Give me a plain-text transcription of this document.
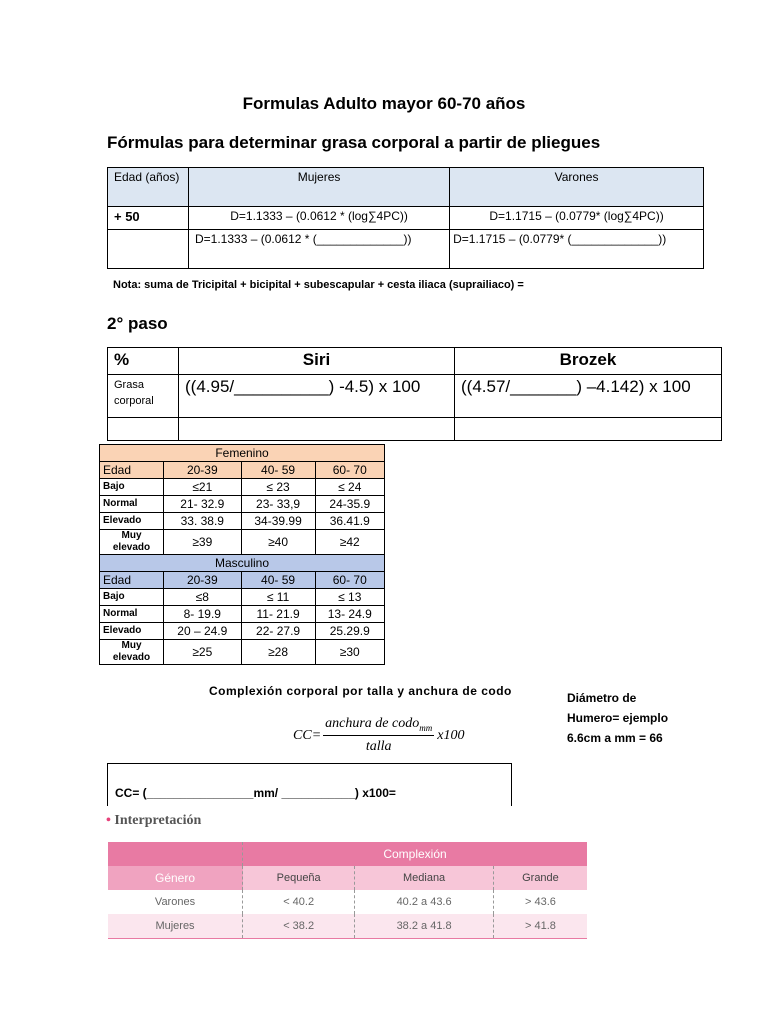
Formulas Adulto mayor 60-70 años
Fórmulas para determinar grasa corporal a partir de pliegues
Edad (años)	Mujeres	Varones
+ 50	D=1.1333 – (0.0612 * (log∑4PC))	D=1.1715 – (0.0779* (log∑4PC))
	D=1.1333 – (0.0612 * (_____________))	D=1.1715 – (0.0779* (_____________))
Nota: suma de Tricipital + bicipital + subescapular + cesta iliaca (suprailiaco) =
2° paso
%	Siri	Brozek
Grasa corporal	((4.95/__________) -4.5) x 100	((4.57/_______) –4.142) x 100

Femenino			
Edad	20-39	40- 59	60- 70
Bajo	≤21	≤ 23	≤ 24
Normal	21- 32.9	23- 33,9	24-35.9
Elevado	33. 38.9	34-39.99	36.41.9
Muy elevado	≥39	≥40	≥42
Masculino			
Edad	20-39	40- 59	60- 70
Bajo	≤8	≤ 11	≤ 13
Normal	8- 19.9	11- 21.9	13- 24.9
Elevado	20 – 24.9	22- 27.9	25.29.9
Muy elevado	≥25	≥28	≥30
Complexión corporal por talla y anchura de codo	Diámetro de
Humero= ejemplo
6.6cm a mm = 66
CC=	anchura de codo$_{mm}$	x100
talla
CC= (________________mm/ ___________) x100=
• Interpretación
	Complexión		
Género	Pequeña	Mediana	Grande
Varones	< 40.2	40.2 a 43.6	> 43.6
Mujeres	< 38.2	38.2 a 41.8	> 41.8
